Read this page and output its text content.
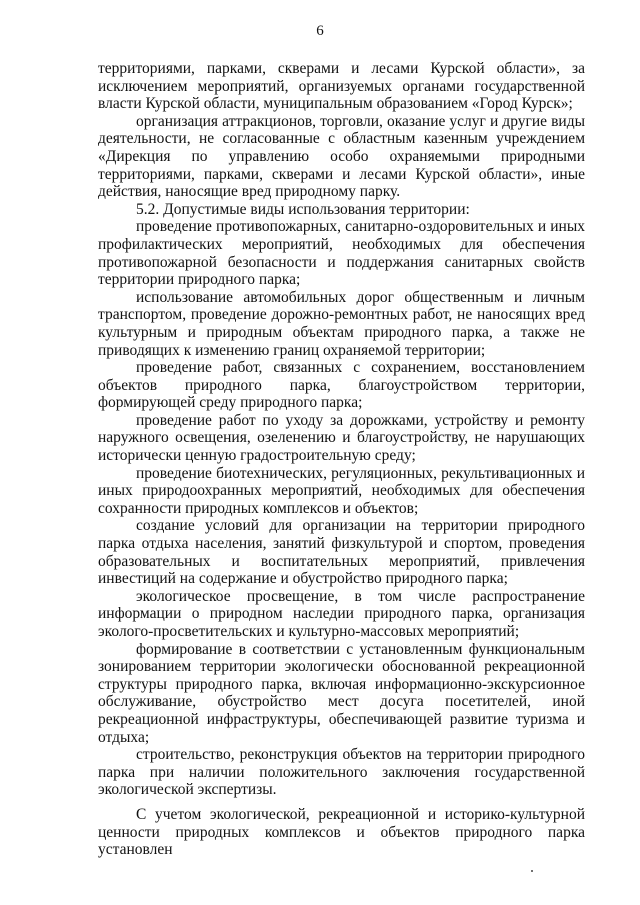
6

территориями, парками, скверами и лесами Курской области», за исключением мероприятий, организуемых органами государственной власти Курской области, муниципальным образованием «Город Курск»;

организация аттракционов, торговли, оказание услуг и другие виды деятельности, не согласованные с областным казенным учреждением «Дирекция по управлению особо охраняемыми природными территориями, парками, скверами и лесами Курской области», иные действия, наносящие вред природному парку.

5.2. Допустимые виды использования территории:

проведение противопожарных, санитарно-оздоровительных и иных профилактических мероприятий, необходимых для обеспечения противопожарной безопасности и поддержания санитарных свойств территории природного парка;

использование автомобильных дорог общественным и личным транспортом, проведение дорожно-ремонтных работ, не наносящих вред культурным и природным объектам природного парка, а также не приводящих к изменению границ охраняемой территории;

проведение работ, связанных с сохранением, восстановлением объектов природного парка, благоустройством территории, формирующей среду природного парка;

проведение работ по уходу за дорожками, устройству и ремонту наружного освещения, озеленению и благоустройству, не нарушающих исторически ценную градостроительную среду;

проведение биотехнических, регуляционных, рекультивационных и иных природоохранных мероприятий, необходимых для обеспечения сохранности природных комплексов и объектов;

создание условий для организации на территории природного парка отдыха населения, занятий физкультурой и спортом, проведения образовательных и воспитательных мероприятий, привлечения инвестиций на содержание и обустройство природного парка;

экологическое просвещение, в том числе распространение информации о природном наследии природного парка, организация эколого-просветительских и культурно-массовых мероприятий;

формирование в соответствии с установленным функциональным зонированием территории экологически обоснованной рекреационной структуры природного парка, включая информационно-экскурсионное обслуживание, обустройство мест досуга посетителей, иной рекреационной инфраструктуры, обеспечивающей развитие туризма и отдыха;

строительство, реконструкция объектов на территории природного парка при наличии положительного заключения государственной экологической экспертизы.

С учетом экологической, рекреационной и историко-культурной ценности природных комплексов и объектов природного парка установлен
